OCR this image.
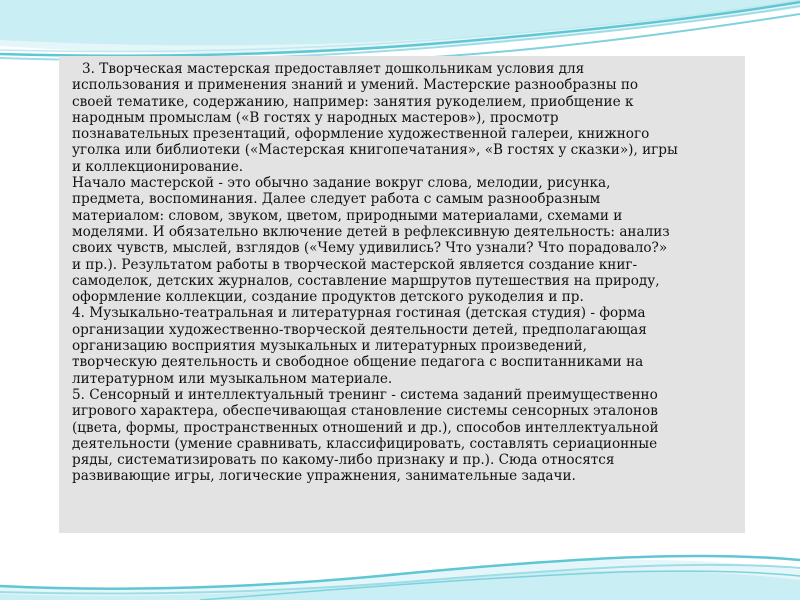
3. Творческая мастерская предоставляет дошкольникам условия для
использования и применения знаний и умений. Мастерские разнообразны по
своей тематике, содержанию, например: занятия рукоделием, приобщение к
народным промыслам («В гостях у народных мастеров»), просмотр
познавательных презентаций, оформление художественной галереи, книжного
уголка или библиотеки («Мастерская книгопечатания», «В гостях у сказки»), игры
и коллекционирование.

Начало мастерской - это обычно задание вокруг слова, мелодии, рисунка,
предмета, воспоминания. Далее следует работа с самым разнообразным
материалом: словом, звуком, цветом, природными материалами, схемами и
моделями. И обязательно включение детей в рефлексивную деятельность: анализ
своих чувств, мыслей, взглядов («Чему удивились? Что узнали? Что порадовало?»
и пр.). Результатом работы в творческой мастерской является создание книг-
самоделок, детских журналов, составление маршрутов путешествия на природу,
оформление коллекции, создание продуктов детского рукоделия и пр.

4. Музыкально-театральная и литературная гостиная (детская студия) - форма
организации художественно-творческой деятельности детей, предполагающая
организацию восприятия музыкальных и литературных произведений,
творческую деятельность и свободное общение педагога с воспитанниками на
литературном или музыкальном материале.

5. Сенсорный и интеллектуальный тренинг - система заданий преимущественно
игрового характера, обеспечивающая становление системы сенсорных эталонов
(цвета, формы, пространственных отношений и др.), способов интеллектуальной
деятельности (умение сравнивать, классифицировать, составлять сериационные
ряды, систематизировать по какому-либо признаку и пр.). Сюда относятся
развивающие игры, логические упражнения, занимательные задачи.
